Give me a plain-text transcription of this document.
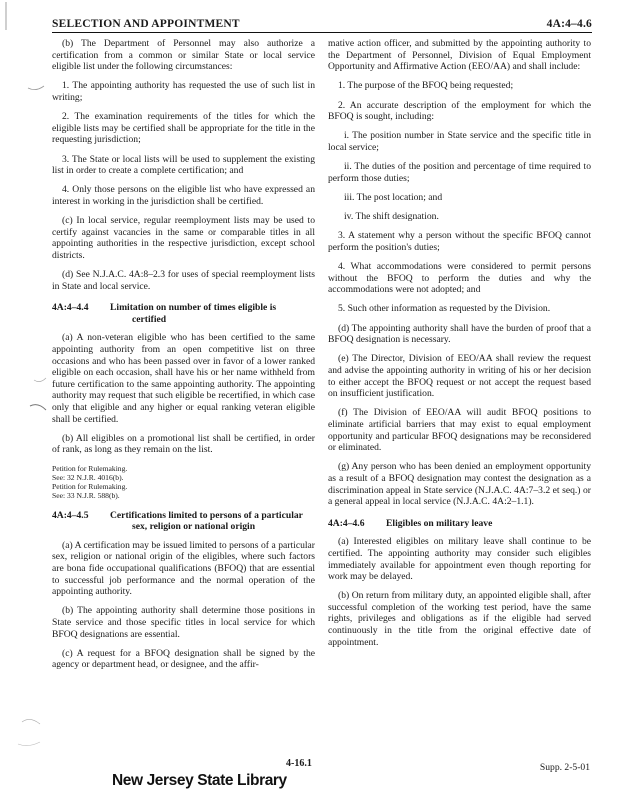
SELECTION AND APPOINTMENT	4A:4–4.6

(b) The Department of Personnel may also authorize a certification from a common or similar State or local service eligible list under the following circumstances:

1. The appointing authority has requested the use of such list in writing;

2. The examination requirements of the titles for which the eligible lists may be certified shall be appropriate for the title in the requesting jurisdiction;

3. The State or local lists will be used to supplement the existing list in order to create a complete certification; and

4. Only those persons on the eligible list who have expressed an interest in working in the jurisdiction shall be certified.

(c) In local service, regular reemployment lists may be used to certify against vacancies in the same or comparable titles in all appointing authorities in the respective jurisdiction, except school districts.

(d) See N.J.A.C. 4A:8–2.3 for uses of special reemployment lists in State and local service.

4A:4–4.4	Limitation on number of times eligible is
certified

(a) A non-veteran eligible who has been certified to the same appointing authority from an open competitive list on three occasions and who has been passed over in favor of a lower ranked eligible on each occasion, shall have his or her name withheld from future certification to the same appointing authority. The appointing authority may request that such eligible be recertified, in which case only that eligible and any higher or equal ranking veteran eligible shall be certified.

(b) All eligibles on a promotional list shall be certified, in order of rank, as long as they remain on the list.

Petition for Rulemaking.
See: 32 N.J.R. 4016(b).
Petition for Rulemaking.
See: 33 N.J.R. 588(b).
4A:4–4.5	Certifications limited to persons of a particular
sex, religion or national origin

(a) A certification may be issued limited to persons of a particular sex, religion or national origin of the eligibles, where such factors are bona fide occupational qualifications (BFOQ) that are essential to successful job performance and the normal operation of the appointing authority.

(b) The appointing authority shall determine those positions in State service and those specific titles in local service for which BFOQ designations are essential.

(c) A request for a BFOQ designation shall be signed by the agency or department head, or designee, and the affir-

mative action officer, and submitted by the appointing authority to the Department of Personnel, Division of Equal Employment Opportunity and Affirmative Action (EEO/AA) and shall include:

1. The purpose of the BFOQ being requested;

2. An accurate description of the employment for which the BFOQ is sought, including:

i. The position number in State service and the specific title in local service;

ii. The duties of the position and percentage of time required to perform those duties;

iii. The post location; and

iv. The shift designation.

3. A statement why a person without the specific BFOQ cannot perform the position's duties;

4. What accommodations were considered to permit persons without the BFOQ to perform the duties and why the accommodations were not adopted; and

5. Such other information as requested by the Division.

(d) The appointing authority shall have the burden of proof that a BFOQ designation is necessary.

(e) The Director, Division of EEO/AA shall review the request and advise the appointing authority in writing of his or her decision to either accept the BFOQ request or not accept the request based on insufficient justification.

(f) The Division of EEO/AA will audit BFOQ positions to eliminate artificial barriers that may exist to equal employment opportunity and particular BFOQ designations may be reconsidered or eliminated.

(g) Any person who has been denied an employment opportunity as a result of a BFOQ designation may contest the designation as a discrimination appeal in State service (N.J.A.C. 4A:7–3.2 et seq.) or a general appeal in local service (N.J.A.C. 4A:2–1.1).

4A:4–4.6	Eligibles on military leave

(a) Interested eligibles on military leave shall continue to be certified. The appointing authority may consider such eligibles immediately available for appointment even though reporting for work may be delayed.

(b) On return from military duty, an appointed eligible shall, after successful completion of the working test period, have the same rights, privileges and obligations as if the eligible had served continuously in the title from the original effective date of appointment.

4-16.1	Supp. 2-5-01
New Jersey State Library
